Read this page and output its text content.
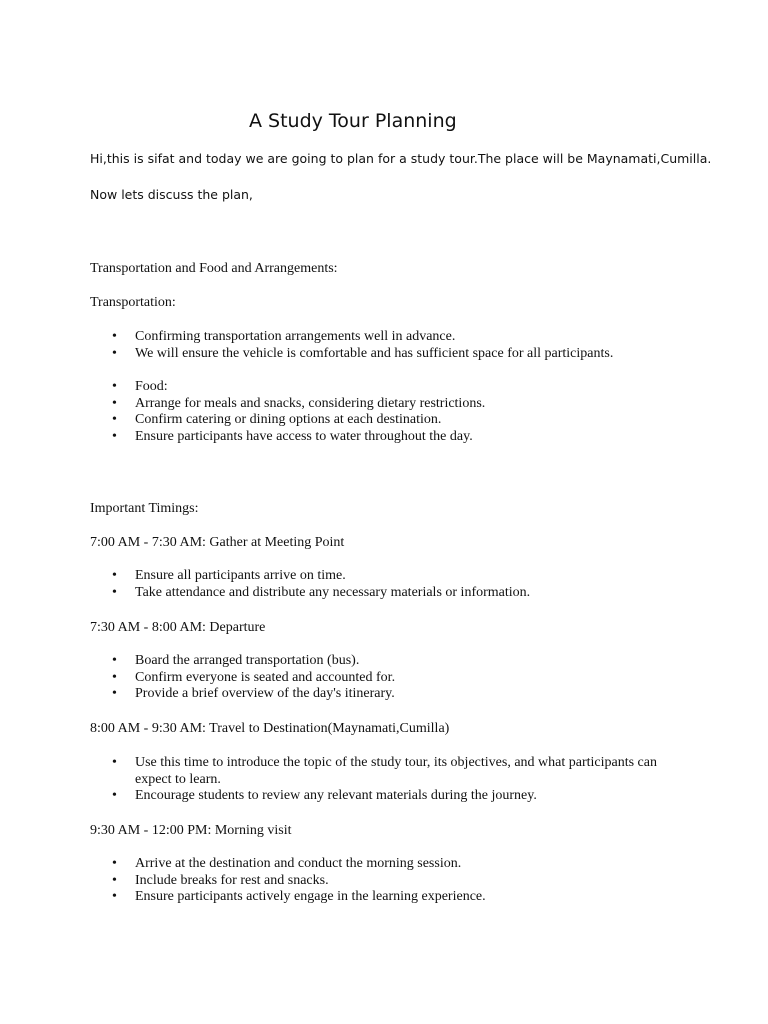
A Study Tour Planning
Hi,this is sifat and today we are going to plan for a study tour.The place will be Maynamati,Cumilla.
Now lets discuss the plan,
Transportation and Food and Arrangements:
Transportation:
• Confirming transportation arrangements well in advance.
• We will ensure the vehicle is comfortable and has sufficient space for all participants.
• Food:
• Arrange for meals and snacks, considering dietary restrictions.
• Confirm catering or dining options at each destination.
• Ensure participants have access to water throughout the day.
Important Timings:
7:00 AM - 7:30 AM: Gather at Meeting Point
• Ensure all participants arrive on time.
• Take attendance and distribute any necessary materials or information.
7:30 AM - 8:00 AM: Departure
• Board the arranged transportation (bus).
• Confirm everyone is seated and accounted for.
• Provide a brief overview of the day's itinerary.
8:00 AM - 9:30 AM: Travel to Destination(Maynamati,Cumilla)
• Use this time to introduce the topic of the study tour, its objectives, and what participants can expect to learn.
• Encourage students to review any relevant materials during the journey.
9:30 AM - 12:00 PM: Morning visit
• Arrive at the destination and conduct the morning session.
• Include breaks for rest and snacks.
• Ensure participants actively engage in the learning experience.
